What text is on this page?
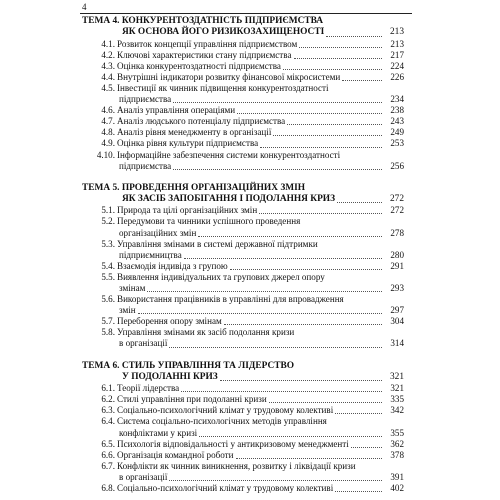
4
ТЕМА 4. КОНКУРЕНТОЗДАТНІСТЬ ПІДПРИЄМСТВА
ЯК ОСНОВА ЙОГО РИЗИКОЗАХИЩЕНОСТІ	213
4.1. Розвиток концепції управління підприємством	213
4.2. Ключові характеристики стану підприємства	217
4.3. Оцінка конкурентоздатності підприємства	224
4.4. Внутрішні індикатори розвитку фінансової мікросистеми	226
4.5. Інвестиції як чинник підвищення конкурентоздатності
підприємства	234
4.6. Аналіз управління операціями	238
4.7. Аналіз людського потенціалу підприємства	243
4.8. Аналіз рівня менеджменту в організації	249
4.9. Оцінка рівня культури підприємства	253
4.10. Інформаційне забезпечення системи конкурентоздатності
підприємства	256
ТЕМА 5. ПРОВЕДЕННЯ ОРГАНІЗАЦІЙНИХ ЗМІН
ЯК ЗАСІБ ЗАПОБІГАННЯ І ПОДОЛАННЯ КРИЗ	272
5.1. Природа та цілі організаційних змін	272
5.2. Передумови та чинники успішного проведення
організаційних змін	278
5.3. Управління змінами в системі державної підтримки
підприємництва	280
5.4. Взаємодія індивіда з групою	291
5.5. Виявлення індивідуальних та групових джерел опору
змінам	293
5.6. Використання працівників в управлінні для впровадження
змін	297
5.7. Переборення опору змінам	304
5.8. Управління змінами як засіб подолання кризи
в організації	314
ТЕМА 6. СТИЛЬ УПРАВЛІННЯ ТА ЛІДЕРСТВО
У ПОДОЛАННІ КРИЗ	321
6.1. Теорії лідерства	321
6.2. Стилі управління при подоланні кризи	335
6.3. Соціально-психологічний клімат у трудовому колективі	342
6.4. Система соціально-психологічних методів управління
конфліктами у кризі	355
6.5. Психологія відповідальності у антикризовому менеджменті	362
6.6. Організація командної роботи	378
6.7. Конфлікти як чинник виникнення, розвитку і ліквідації кризи
в організації	391
6.8. Соціально-психологічний клімат у трудовому колективі	402
